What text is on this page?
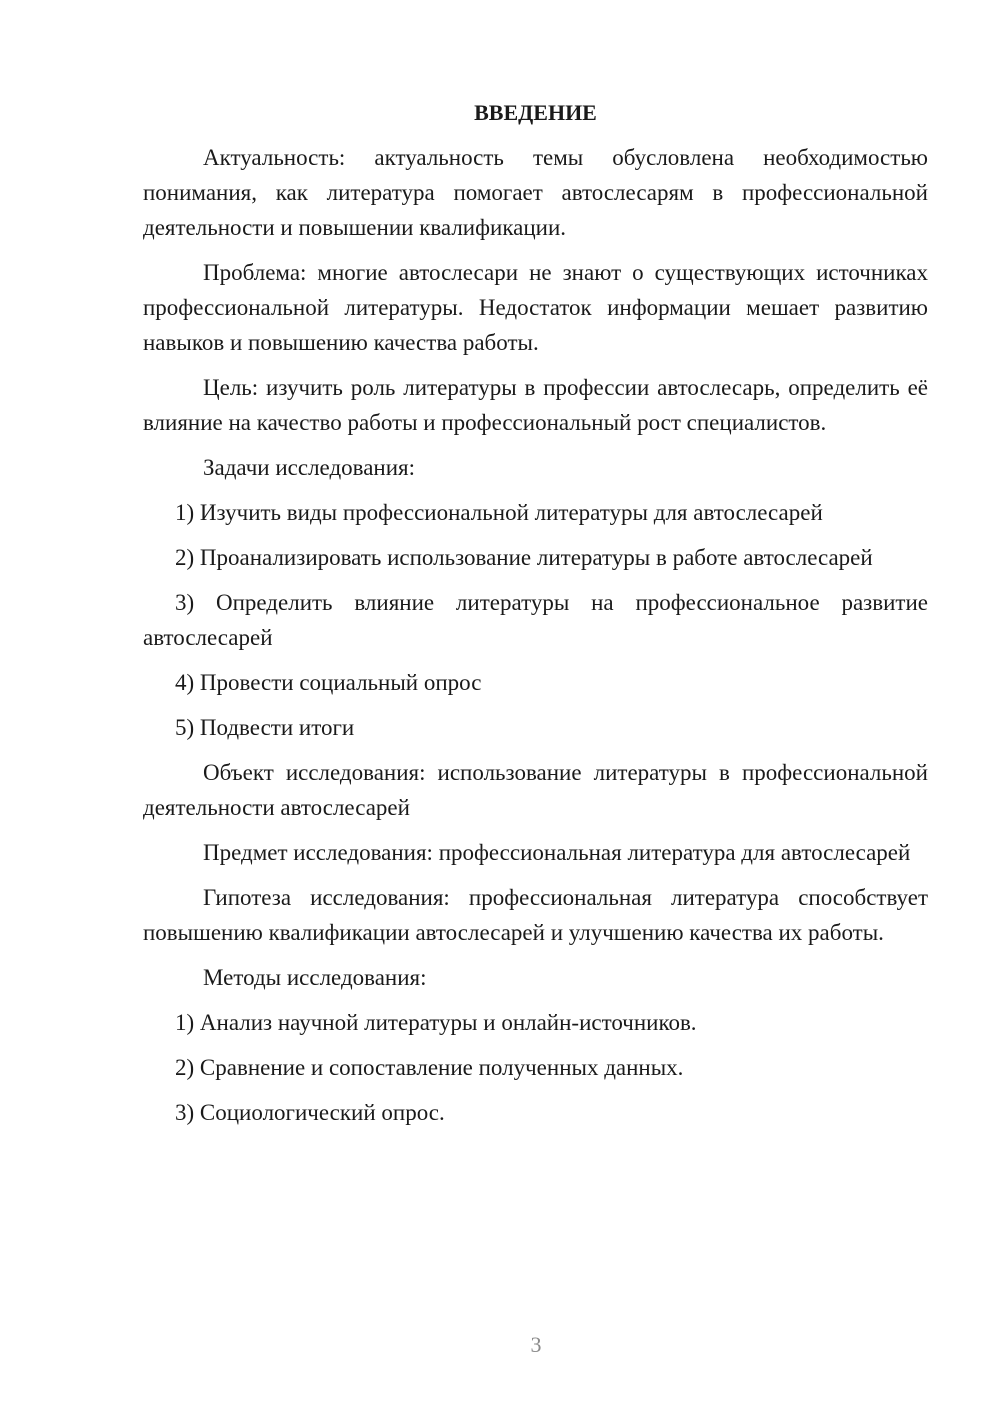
ВВЕДЕНИЕ

Актуальность: актуальность темы обусловлена необходимостью понимания, как литература помогает автослесарям в профессиональной деятельности и повышении квалификации.

Проблема: многие автослесари не знают о существующих источниках профессиональной литературы. Недостаток информации мешает развитию навыков и повышению качества работы.

Цель: изучить роль литературы в профессии автослесарь, определить её влияние на качество работы и профессиональный рост специалистов.

Задачи исследования:

1) Изучить виды профессиональной литературы для автослесарей

2) Проанализировать использование литературы в работе автослесарей

3) Определить влияние литературы на профессиональное развитие автослесарей

4) Провести социальный опрос

5) Подвести итоги

Объект исследования: использование литературы в профессиональной деятельности автослесарей

Предмет исследования: профессиональная литература для автослесарей

Гипотеза исследования: профессиональная литература способствует повышению квалификации автослесарей и улучшению качества их работы.

Методы исследования:

1) Анализ научной литературы и онлайн-источников.

2) Сравнение и сопоставление полученных данных.

3) Социологический опрос.

3
